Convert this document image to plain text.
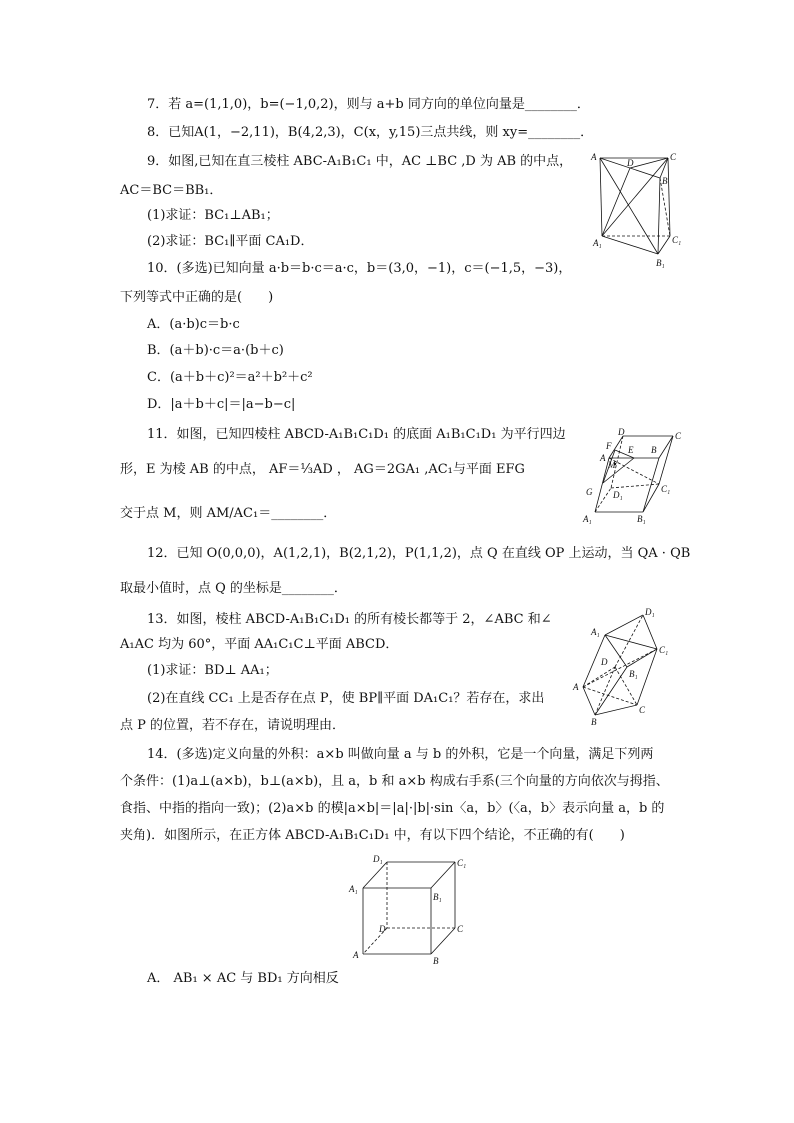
7．若 a=(1,1,0)，b=(−1,0,2)，则与 a+b 同方向的单位向量是________．
8．已知A(1，−2,11)，B(4,2,3)，C(x，y,15)三点共线，则 xy=________．
9．如图,已知在直三棱柱 ABC-A₁B₁C₁ 中，AC ⊥BC ,D 为 AB 的中点，
AC＝BC＝BB₁．
(1)求证：BC₁⊥AB₁；
(2)求证：BC₁∥平面 CA₁D．
10．(多选)已知向量 a·b＝b·c＝a·c，b＝(3,0，−1)，c＝(−1,5，−3)，
下列等式中正确的是(　　)
A．(a·b)c＝b·c
B．(a＋b)·c＝a·(b＋c)
C．(a＋b＋c)²＝a²＋b²＋c²
D．|a＋b＋c|＝|a−b−c|
11．如图，已知四棱柱 ABCD-A₁B₁C₁D₁ 的底面 A₁B₁C₁D₁ 为平行四边
形，E 为棱 AB 的中点， AF＝⅓AD ， AG＝2GA₁ ,AC₁与平面 EFG
交于点 M，则 AM/AC₁＝________．
12．已知 O(0,0,0)，A(1,2,1)，B(2,1,2)，P(1,1,2)，点 Q 在直线 OP 上运动，当 QA · QB
取最小值时，点 Q 的坐标是________．
13．如图，棱柱 ABCD-A₁B₁C₁D₁ 的所有棱长都等于 2，∠ABC 和∠
A₁AC 均为 60°，平面 AA₁C₁C⊥平面 ABCD．
(1)求证：BD⊥ AA₁；
(2)在直线 CC₁ 上是否存在点 P，使 BP∥平面 DA₁C₁？若存在，求出
点 P 的位置，若不存在，请说明理由．
14．(多选)定义向量的外积：a×b 叫做向量 a 与 b 的外积，它是一个向量，满足下列两
个条件：(1)a⊥(a×b)，b⊥(a×b)，且 a，b 和 a×b 构成右手系(三个向量的方向依次与拇指、
食指、中指的指向一致)；(2)a×b 的模|a×b|＝|a|·|b|·sin〈a，b〉(〈a，b〉表示向量 a，b 的
夹角)．如图所示，在正方体 ABCD-A₁B₁C₁D₁ 中，有以下四个结论，不正确的有(　　)
A． AB₁ × AC 与 BD₁ 方向相反
A
D
C
B
A₁	C₁
B₁
D	C
F
A
E B
M
G D₁
C₁
A₁	B₁
D₁
A₁
C₁
D
B₁
A
C
B
D₁	C₁
A₁
B₁
D	C
A
B
